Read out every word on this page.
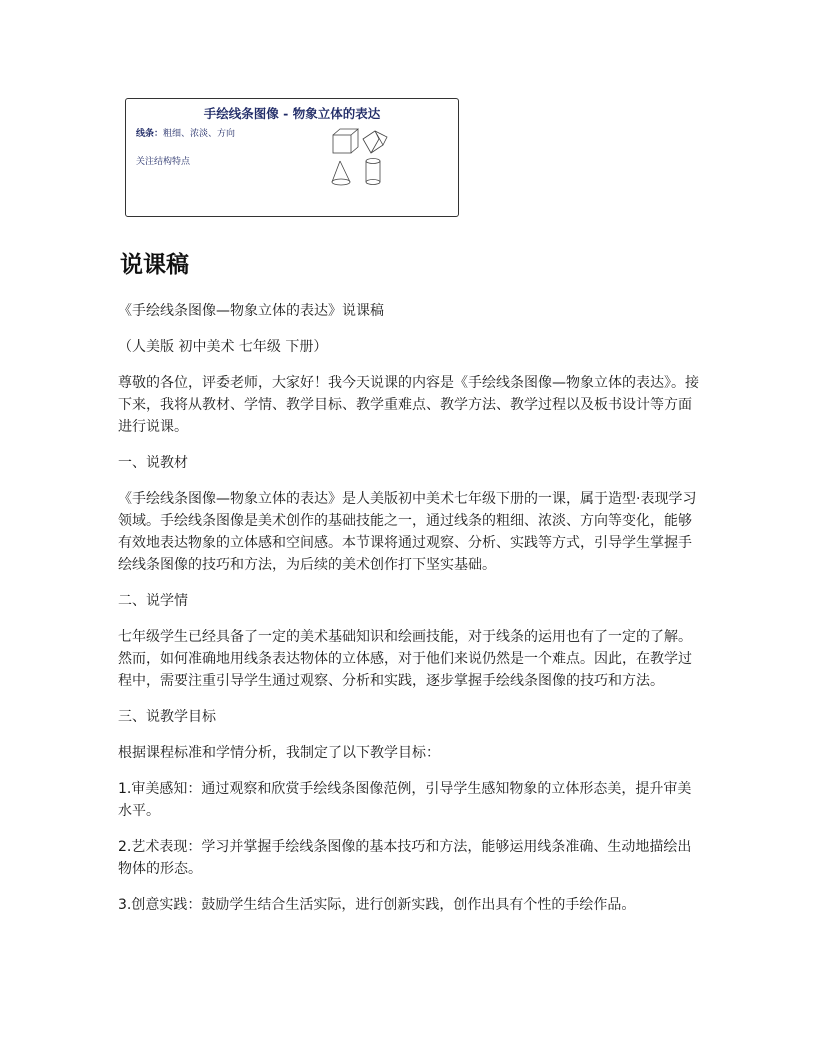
手绘线条图像 - 物象立体的表达
线条：粗细、浓淡、方向
关注结构特点
说课稿

《手绘线条图像—物象立体的表达》说课稿

（人美版 初中美术 七年级 下册）

尊敬的各位，评委老师，大家好！我今天说课的内容是《手绘线条图像—物象立体的表达》。接下来，我将从教材、学情、教学目标、教学重难点、教学方法、教学过程以及板书设计等方面进行说课。

一、说教材

《手绘线条图像—物象立体的表达》是人美版初中美术七年级下册的一课，属于造型·表现学习领域。手绘线条图像是美术创作的基础技能之一，通过线条的粗细、浓淡、方向等变化，能够有效地表达物象的立体感和空间感。本节课将通过观察、分析、实践等方式，引导学生掌握手绘线条图像的技巧和方法，为后续的美术创作打下坚实基础。

二、说学情

七年级学生已经具备了一定的美术基础知识和绘画技能，对于线条的运用也有了一定的了解。然而，如何准确地用线条表达物体的立体感，对于他们来说仍然是一个难点。因此，在教学过程中，需要注重引导学生通过观察、分析和实践，逐步掌握手绘线条图像的技巧和方法。

三、说教学目标

根据课程标准和学情分析，我制定了以下教学目标：

1.审美感知：通过观察和欣赏手绘线条图像范例，引导学生感知物象的立体形态美，提升审美水平。

2.艺术表现：学习并掌握手绘线条图像的基本技巧和方法，能够运用线条准确、生动地描绘出物体的形态。

3.创意实践：鼓励学生结合生活实际，进行创新实践，创作出具有个性的手绘作品。
